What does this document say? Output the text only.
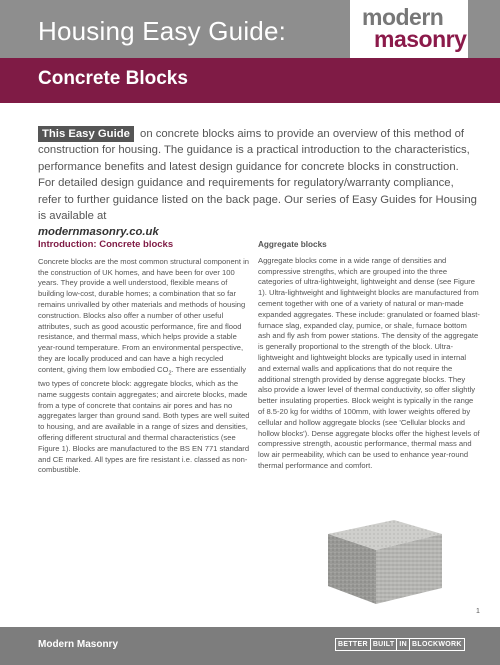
Housing Easy Guide:	modern
masonry
Concrete Blocks
This Easy Guide on concrete blocks aims to provide an overview of this method of construction for housing. The guidance is a practical introduction to the characteristics, performance benefits and latest design guidance for concrete blocks in construction. For detailed design guidance and requirements for regulatory/warranty compliance, refer to further guidance listed on the back page. Our series of Easy Guides for Housing is available at
modernmasonry.co.uk
Introduction: Concrete blocks

Concrete blocks are the most common structural component in the construction of UK homes, and have been for over 100 years. They provide a well understood, flexible means of building low-cost, durable homes; a combination that so far remains unrivalled by other materials and methods of housing construction. Blocks also offer a number of other useful attributes, such as good acoustic performance, fire and flood resistance, and thermal mass, which helps provide a stable year-round temperature. From an environmental perspective, they are locally produced and can have a high recycled content, giving them low embodied $CO_2$. There are essentially two types of concrete block: aggregate blocks, which as the name suggests contain aggregates; and aircrete blocks, made from a type of concrete that contains air pores and has no aggregates larger than ground sand. Both types are well suited to housing, and are available in a range of sizes and densities, offering different structural and thermal characteristics (see Figure 1). Blocks are manufactured to the BS EN 771 standard and CE marked. All types are fire resistant i.e. classed as non-combustible.

Aggregate blocks

Aggregate blocks come in a wide range of densities and compressive strengths, which are grouped into the three categories of ultra-lightweight, lightweight and dense (see Figure 1). Ultra-lightweight and lightweight blocks are manufactured from cement together with one of a variety of natural or man-made expanded aggregates. These include: granulated or foamed blast-furnace slag, expanded clay, pumice, or shale, furnace bottom ash and fly ash from power stations. The density of the aggregate is generally proportional to the strength of the block. Ultra-lightweight and lightweight blocks are typically used in internal and external walls and applications that do not require the additional strength provided by dense aggregate blocks. They also provide a lower level of thermal conductivity, so offer slightly better insulating properties. Block weight is typically in the range of 8.5-20 kg for widths of 100mm, with lower weights offered by cellular and hollow aggregate blocks (see 'Cellular blocks and hollow blocks'). Dense aggregate blocks offer the highest levels of compressive strength, acoustic performance, thermal mass and low air permeability, which can be used to enhance year-round thermal performance and comfort.

1
Modern Masonry	BETTER BUILT IN BLOCKWORK
